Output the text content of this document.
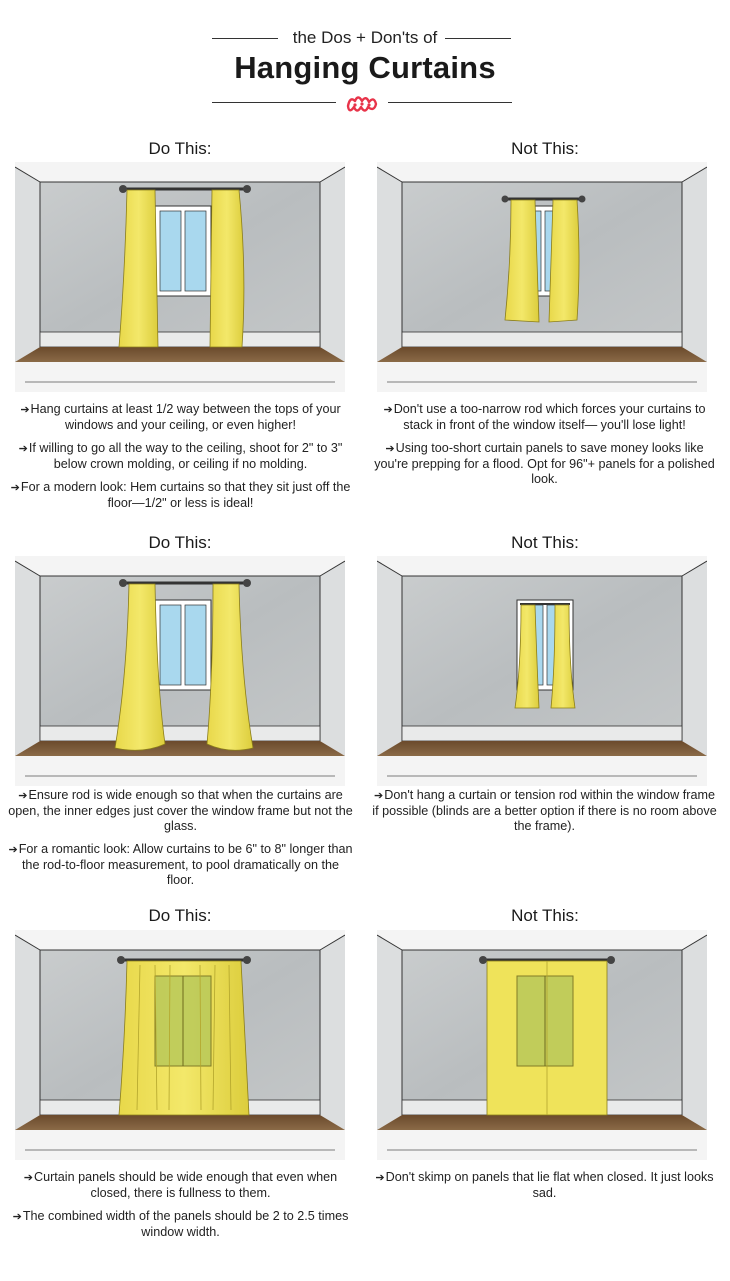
the Dos + Don'ts of
Hanging Curtains
Do This:	Not This:
Do This:	Not This:
Do This:	Not This:

➔Hang curtains at least 1/2 way between the tops of your windows and your ceiling, or even higher!

➔If willing to go all the way to the ceiling, shoot for 2" to 3" below crown molding, or ceiling if no molding.

➔For a modern look: Hem curtains so that they sit just off the floor—1/2" or less is ideal!

➔Don't use a too-narrow rod which forces your curtains to stack in front of the window itself— you'll lose light!

➔Using too-short curtain panels to save money looks like you're prepping for a flood. Opt for 96"+ panels for a polished look.

➔Ensure rod is wide enough so that when the curtains are open, the inner edges just cover the window frame but not the glass.

➔For a romantic look: Allow curtains to be 6" to 8" longer than the rod-to-floor measurement, to pool dramatically on the floor.

➔Don't hang a curtain or tension rod within the window frame if possible (blinds are a better option if there is no room above the frame).

➔Curtain panels should be wide enough that even when closed, there is fullness to them.

➔The combined width of the panels should be 2 to 2.5 times window width.

➔Don't skimp on panels that lie flat when closed. It just looks sad.
